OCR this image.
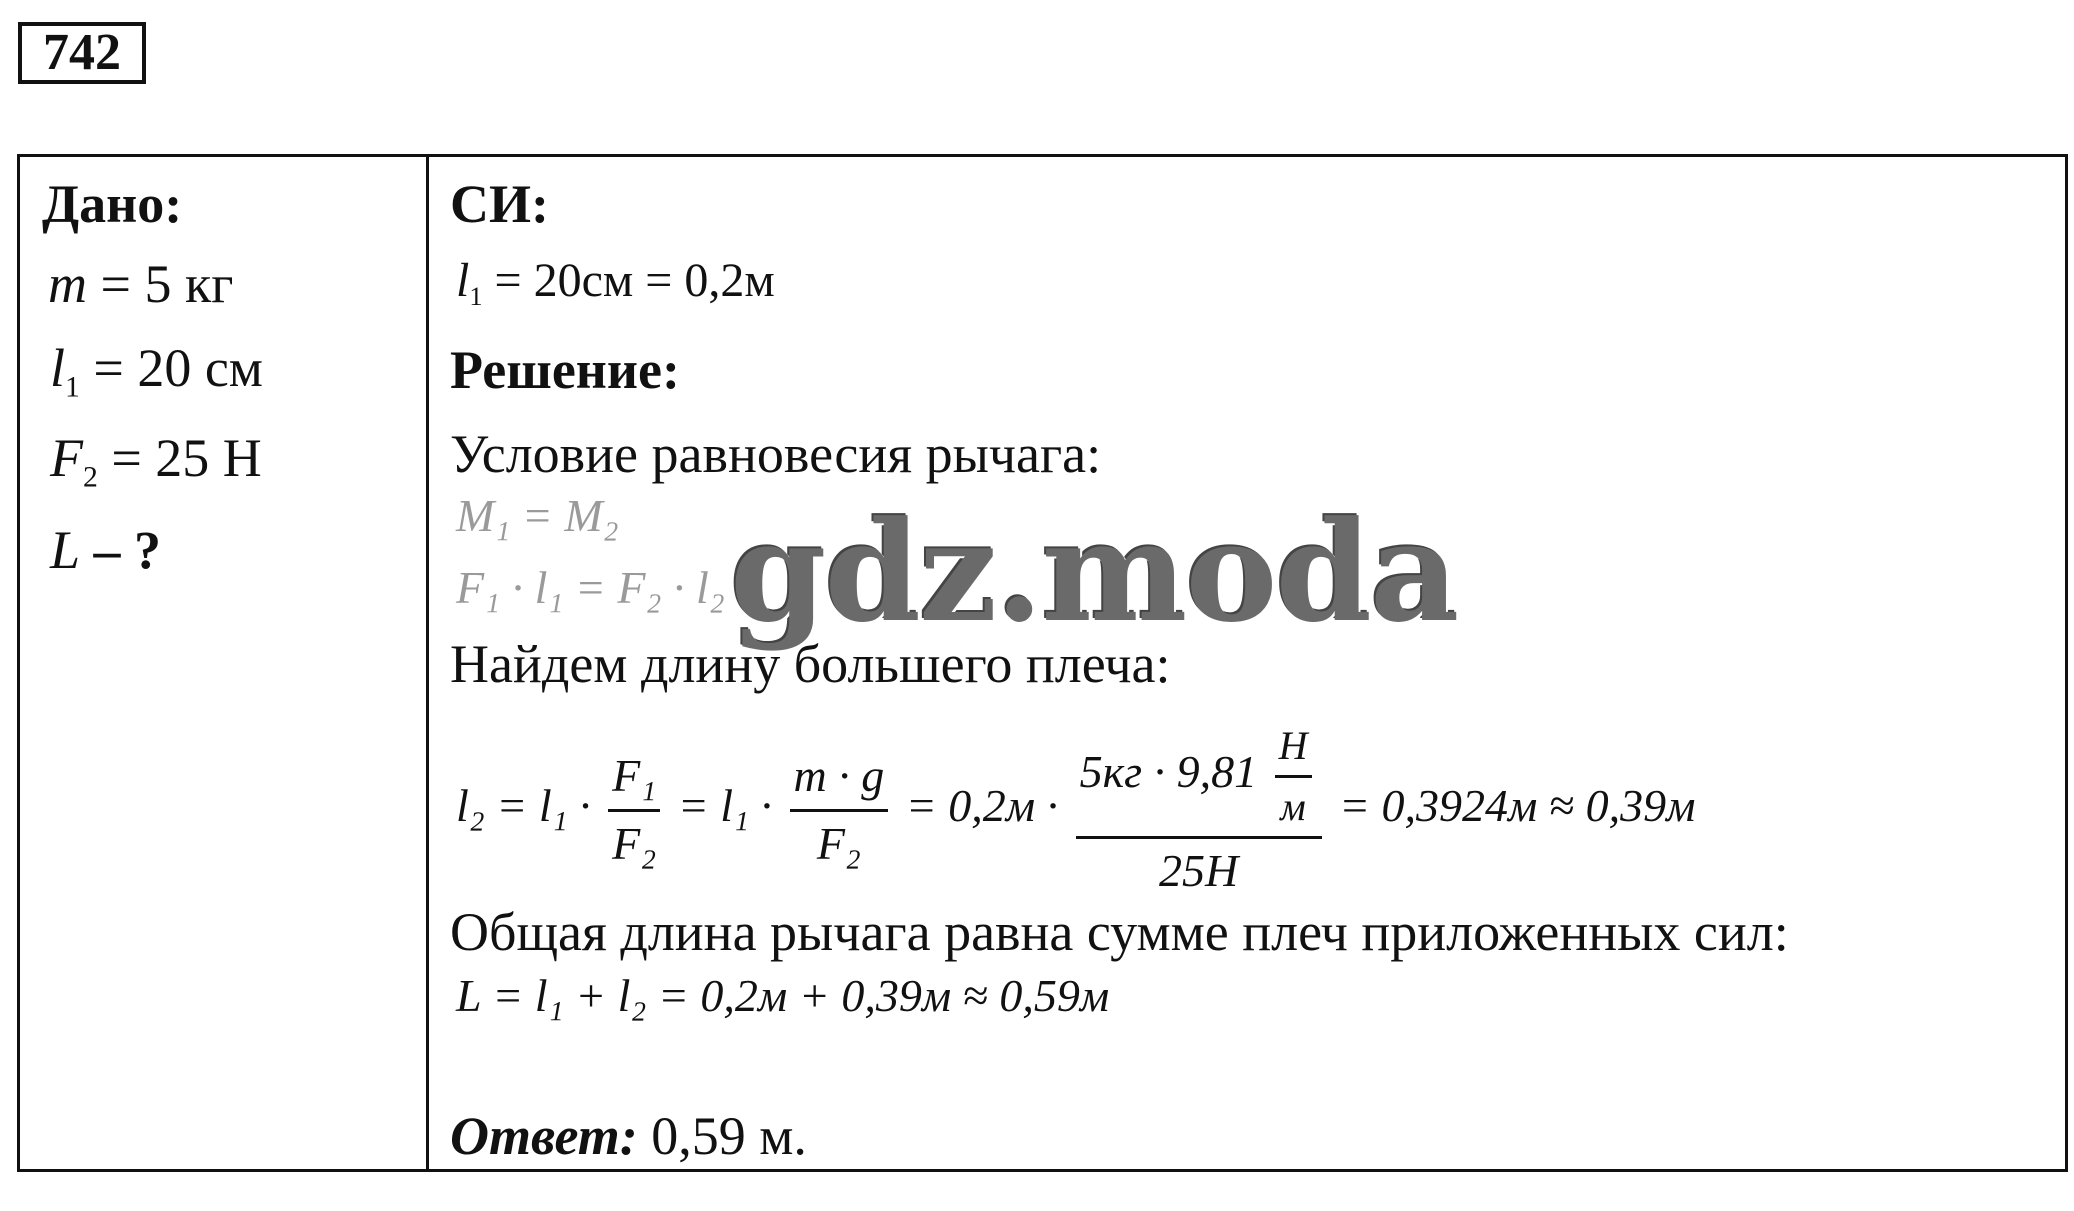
742
Дано:
m = 5 кг
l1 = 20 см
F2 = 25 Н
L – ?
СИ:
l1 = 20см = 0,2м
Решение:
Условие равновесия рычага:
M₁ = M₂
F₁ · l₁ = F₂ · l₂
Найдем длину большего плеча:
$l_2 = l_1 \cdot \frac{\text{F₁}}{\text{F₂}} = l_1 \cdot \frac{m \cdot g}{\text{F₂}} = 0,2м \cdot \frac{5кг \cdot 9,81 \frac{Н}{м}}{25Н} = 0,3924м \approx 0,39м$
Общая длина рычага равна сумме плеч приложенных сил:
L = l₁ + l₂ = 0,2м + 0,39м ≈ 0,59м
Ответ: 0,59 м.
gdz.moda
